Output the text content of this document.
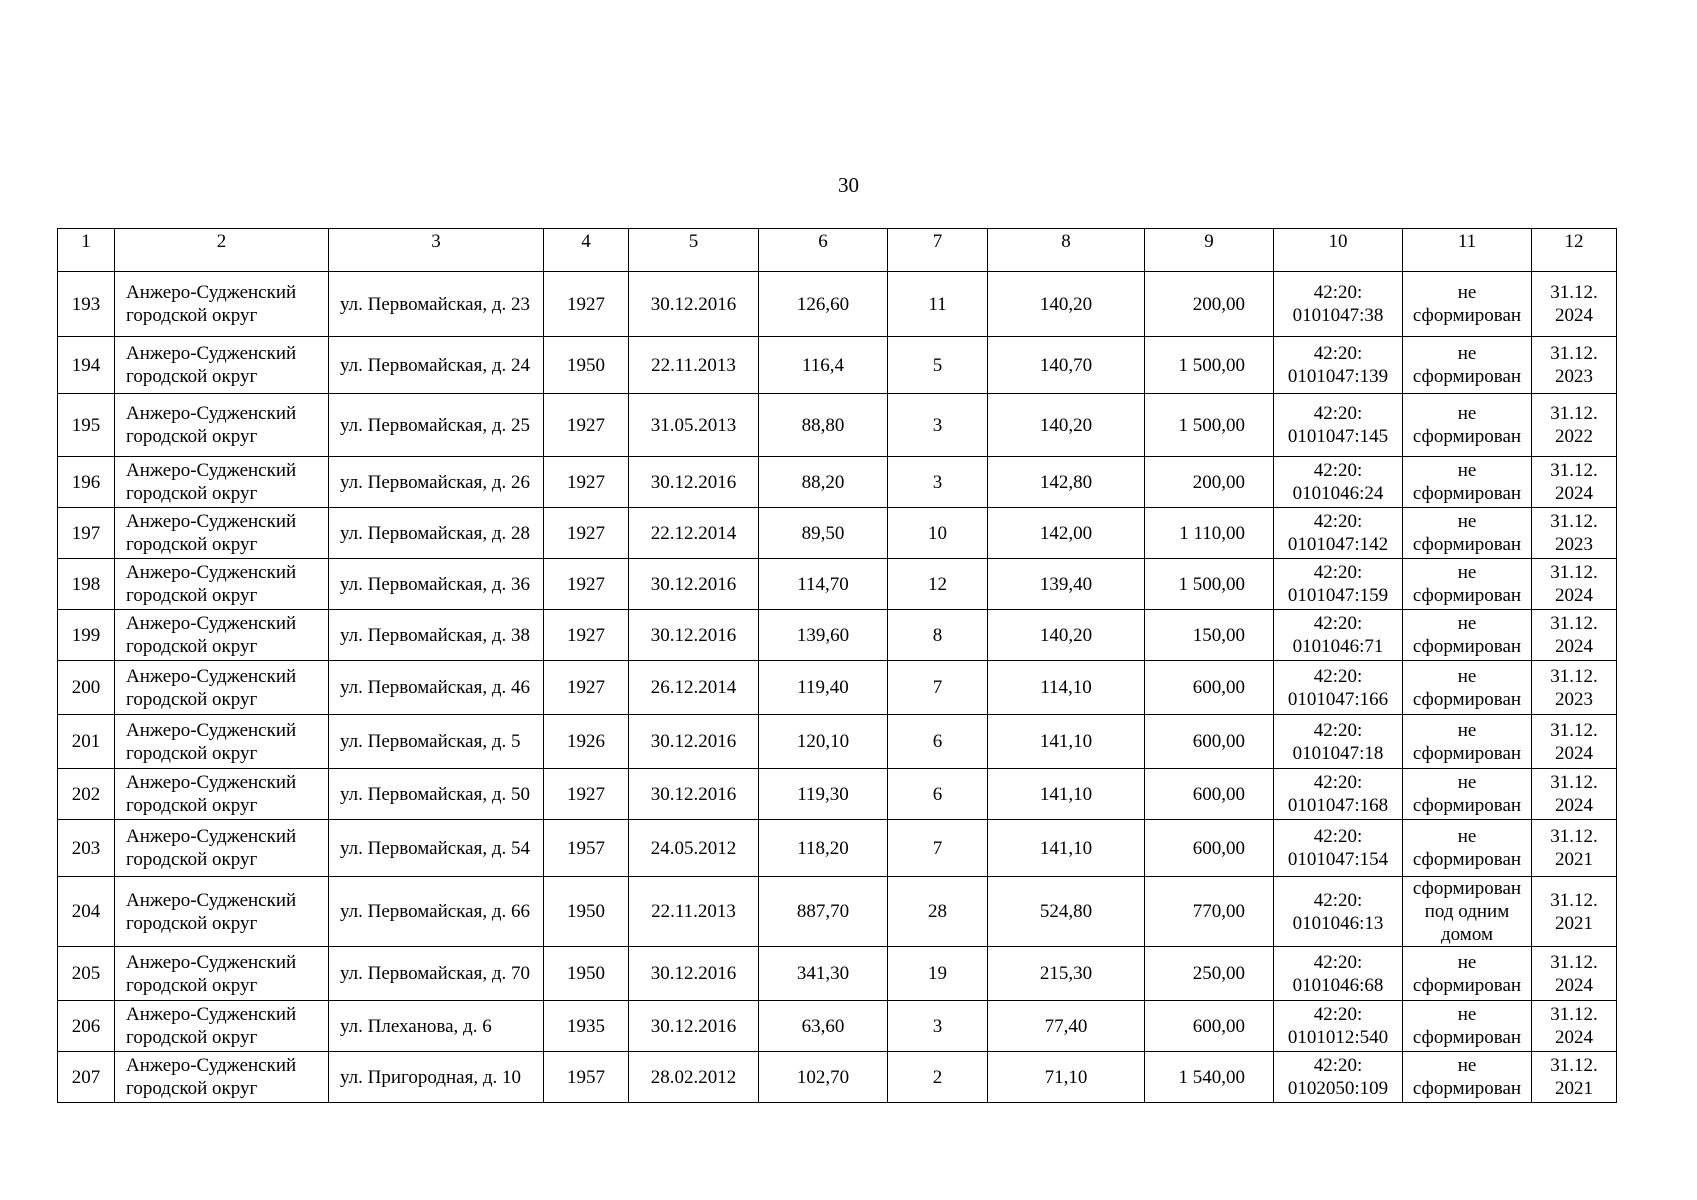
30
1	2	3	4	5	6	7	8	9	10	11	12
193	Анжеро-Судженский городской округ	ул. Первомайская, д. 23	1927	30.12.2016	126,60	11	140,20	200,00	42:20: 0101047:38	не сформирован	31.12. 2024
194	Анжеро-Судженский городской округ	ул. Первомайская, д. 24	1950	22.11.2013	116,4	5	140,70	1 500,00	42:20: 0101047:139	не сформирован	31.12. 2023
195	Анжеро-Судженский городской округ	ул. Первомайская, д. 25	1927	31.05.2013	88,80	3	140,20	1 500,00	42:20: 0101047:145	не сформирован	31.12. 2022
196	Анжеро-Судженский городской округ	ул. Первомайская, д. 26	1927	30.12.2016	88,20	3	142,80	200,00	42:20: 0101046:24	не сформирован	31.12. 2024
197	Анжеро-Судженский городской округ	ул. Первомайская, д. 28	1927	22.12.2014	89,50	10	142,00	1 110,00	42:20: 0101047:142	не сформирован	31.12. 2023
198	Анжеро-Судженский городской округ	ул. Первомайская, д. 36	1927	30.12.2016	114,70	12	139,40	1 500,00	42:20: 0101047:159	не сформирован	31.12. 2024
199	Анжеро-Судженский городской округ	ул. Первомайская, д. 38	1927	30.12.2016	139,60	8	140,20	150,00	42:20: 0101046:71	не сформирован	31.12. 2024
200	Анжеро-Судженский городской округ	ул. Первомайская, д. 46	1927	26.12.2014	119,40	7	114,10	600,00	42:20: 0101047:166	не сформирован	31.12. 2023
201	Анжеро-Судженский городской округ	ул. Первомайская, д. 5	1926	30.12.2016	120,10	6	141,10	600,00	42:20: 0101047:18	не сформирован	31.12. 2024
202	Анжеро-Судженский городской округ	ул. Первомайская, д. 50	1927	30.12.2016	119,30	6	141,10	600,00	42:20: 0101047:168	не сформирован	31.12. 2024
203	Анжеро-Судженский городской округ	ул. Первомайская, д. 54	1957	24.05.2012	118,20	7	141,10	600,00	42:20: 0101047:154	не сформирован	31.12. 2021
204	Анжеро-Судженский городской округ	ул. Первомайская, д. 66	1950	22.11.2013	887,70	28	524,80	770,00	42:20: 0101046:13	сформирован под одним домом	31.12. 2021
205	Анжеро-Судженский городской округ	ул. Первомайская, д. 70	1950	30.12.2016	341,30	19	215,30	250,00	42:20: 0101046:68	не сформирован	31.12. 2024
206	Анжеро-Судженский городской округ	ул. Плеханова, д. 6	1935	30.12.2016	63,60	3	77,40	600,00	42:20: 0101012:540	не сформирован	31.12. 2024
207	Анжеро-Судженский городской округ	ул. Пригородная, д. 10	1957	28.02.2012	102,70	2	71,10	1 540,00	42:20: 0102050:109	не сформирован	31.12. 2021
